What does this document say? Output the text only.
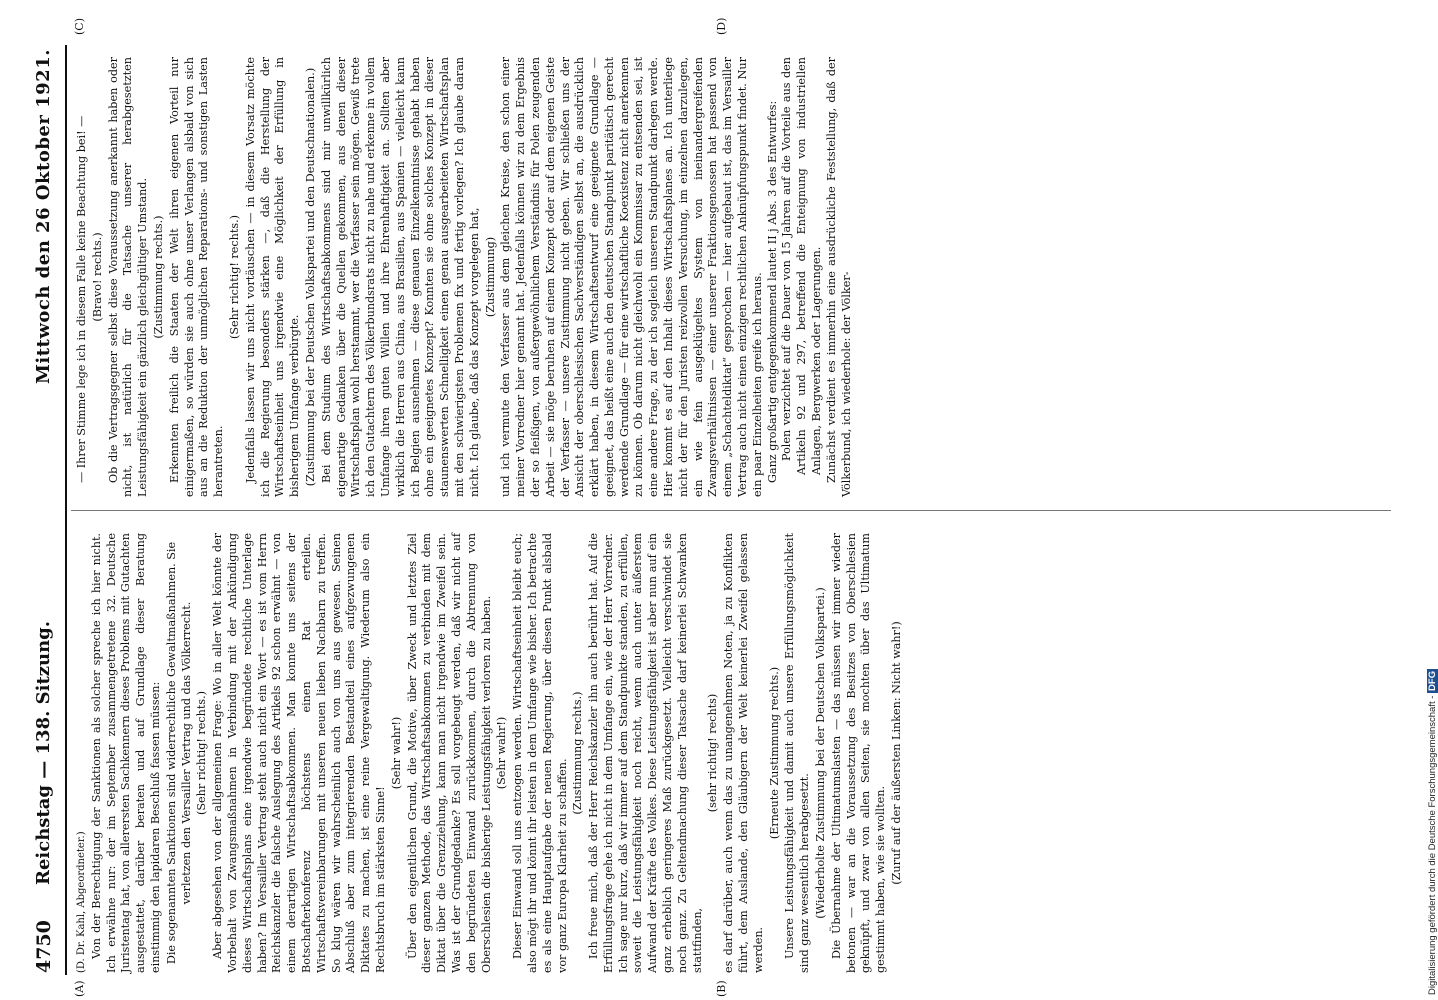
4750
Reichstag — 138. Sitzung.
Mittwoch den 26 Oktober 1921.
(A)	(B)
(C)	(D)

(D. Dr. Kahl, Abgeordneter.) Von der Berechtigung der Sanktionen als solcher spreche ich hier nicht. Ich erwähne nur: der im September zusammengetretene 32. Deutsche Juristentag hat, von allerersten Sachkennern dieses Problems mit Gutachten ausgestattet, darüber beraten und auf Grundlage dieser Beratung einstimmig den lapidaren Beschluß fassen müssen: Die sogenannten Sanktionen sind widerrechtliche Gewaltmaßnahmen. Sie verletzen den Versailler Vertrag und das Völkerrecht. (Sehr richtig! rechts.) Aber abgesehen von der allgemeinen Frage: Wo in aller Welt könnte der Vorbehalt von Zwangsmaßnahmen in Verbindung mit der Ankündigung dieses Wirtschaftsplans eine irgendwie begründete rechtliche Unterlage haben? Im Versailler Vertrag steht auch nicht ein Wort — es ist vom Herrn Reichskanzler die falsche Auslegung des Artikels 92 schon erwähnt — von einem derartigen Wirtschaftsabkommen. Man konnte uns seitens der Botschafterkonferenz höchstens einen Rat erteilen. Wirtschaftsvereinbarungen mit unseren neuen lieben Nachbarn zu treffen. So klug wären wir wahrscheinlich auch von uns aus gewesen. Seinen Abschluß aber zum integrierenden Bestandteil eines aufgezwungenen Diktates zu machen, ist eine reine Vergewaltigung. Wiederum also ein Rechtsbruch im stärksten Sinne!

(Sehr wahr!) Über den eigentlichen Grund, die Motive, über Zweck und letztes Ziel dieser ganzen Methode, das Wirtschaftsabkommen zu verbinden mit dem Diktat über die Grenzziehung, kann man nicht irgendwie im Zweifel sein. Was ist der Grundgedanke? Es soll vorgebeugt werden, daß wir nicht auf den begründeten Einwand zurückkommen, durch die Abtrennung von Oberschlesien die bisherige Leistungsfähigkeit verloren zu haben. (Sehr wahr!) Dieser Einwand soll uns entzogen werden. Wirtschaftseinheit bleibt euch; also mögt ihr und könnt ihr leisten in dem Umfange wie bisher. Ich betrachte es als eine Hauptaufgabe der neuen Regierung, über diesen Punkt alsbald vor ganz Europa Klarheit zu schaffen.

(Zustimmung rechts.) Ich freue mich, daß der Herr Reichskanzler ihn auch berührt hat. Auf die Erfüllungsfrage gehe ich nicht in dem Umfange ein, wie der Herr Vorredner. Ich sage nur kurz, daß wir immer auf dem Standpunkte standen, zu erfüllen, soweit die Leistungsfähigkeit noch reicht, wenn auch unter äußerstem Aufwand der Kräfte des Volkes. Diese Leistungsfähigkeit ist aber nun auf ein ganz erheblich geringeres Maß zurückgesetzt. Vielleicht verschwindet sie noch ganz. Zu Geltendmachung dieser Tatsache darf keinerlei Schwanken stattfinden,

(sehr richtig! rechts) es darf darüber, auch wenn das zu unangenehmen Noten, ja zu Konflikten führt, dem Auslande, den Gläubigern der Welt keinerlei Zweifel gelassen werden.

(Erneute Zustimmung rechts.) Unsere Leistungsfähigkeit und damit auch unsere Erfüllungsmöglichkeit sind ganz wesentlich herabgesetzt. (Wiederholte Zustimmung bei der Deutschen Volkspartei.) Die Übernahme der Ultimatumslasten — das müssen wir immer wieder betonen — war an die Voraussetzung des Besitzes von Oberschlesien geknüpft, und zwar von allen Seiten, sie mochten über das Ultimatum gestimmt haben, wie sie wollten. (Zuruf auf der äußersten Linken: Nicht wahr!)

— Ihrer Stimme lege ich in diesem Falle keine Beachtung bei! — (Bravo! rechts.) Ob die Vertragsgegner selbst diese Voraussetzung anerkannt haben oder nicht, ist natürlich für die Tatsache unserer herabgesetzten Leistungsfähigkeit ein gänzlich gleichgültiger Umstand. (Zustimmung rechts.) Erkennten freilich die Staaten der Welt ihren eigenen Vorteil nur einigermaßen, so würden sie auch ohne unser Verlangen alsbald von sich aus an die Reduktion der unmöglichen Reparations- und sonstigen Lasten herantreten.

(Sehr richtig! rechts.) Jedenfalls lassen wir uns nicht vortäuschen — in diesem Vorsatz möchte ich die Regierung besonders stärken —, daß die Herstellung der Wirtschaftseinheit uns irgendwie eine Möglichkeit der Erfüllung in bisherigem Umfange verbürgte. (Zustimmung bei der Deutschen Volkspartei und den Deutschnationalen.) Bei dem Studium des Wirtschaftsabkommens sind mir unwillkürlich eigenartige Gedanken über die Quellen gekommen, aus denen dieser Wirtschaftsplan wohl herstammt, wer die Verfasser sein mögen. Gewiß trete ich den Gutachtern des Völkerbundsrats nicht zu nahe und erkenne in vollem Umfange ihren guten Willen und ihre Ehrenhaftigkeit an. Sollten aber wirklich die Herren aus China, aus Brasilien, aus Spanien — vielleicht kann ich Belgien ausnehmen — diese genauen Einzelkenntnisse gehabt haben ohne ein geeignetes Konzept? Konnten sie ohne solches Konzept in dieser staunenswerten Schnelligkeit einen genau ausgearbeiteten Wirtschaftsplan mit den schwierigsten Problemen fix und fertig vorlegen? Ich glaube daran nicht. Ich glaube, daß das Konzept vorgelegen hat, (Zustimmung) und ich vermute den Verfasser aus dem gleichen Kreise, den schon einer meiner Vorredner hier genannt hat. Jedenfalls können wir zu dem Ergebnis der so fleißigen, von außergewöhnlichem Verständnis für Polen zeugenden Arbeit — sie möge beruhen auf einem Konzept oder auf dem eigenen Geiste der Verfasser — unsere Zustimmung nicht geben. Wir schließen uns der Ansicht der oberschlesischen Sachverständigen selbst an, die ausdrücklich erklärt haben, in diesem Wirtschaftsentwurf eine geeignete Grundlage — geeignet, das heißt eine auch den deutschen Standpunkt paritätisch gerecht werdende Grundlage — für eine wirtschaftliche Koexistenz nicht anerkennen zu können. Ob darum nicht gleichwohl ein Kommissar zu entsenden sei, ist eine andere Frage, zu der ich sogleich unseren Standpunkt darlegen werde. Hier kommt es auf den Inhalt dieses Wirtschaftsplanes an. Ich unterliege nicht der für den Juristen reizvollen Versuchung, im einzelnen darzulegen, ein wie fein ausgeklügeltes System von ineinandergreifenden Zwangsverhältnissen — einer unserer Fraktionsgenossen hat passend von einem „Schachteldiktat“ gesprochen — hier aufgebaut ist, das im Versailler Vertrag auch nicht einen einzigen rechtlichen Anknüpfungspunkt findet. Nur ein paar Einzelheiten greife ich heraus. Ganz großartig entgegenkommend lautet II j Abs. 3 des Entwurfes: Polen verzichtet auf die Dauer von 15 Jahren auf die Vorteile aus den Artikeln 92 und 297, betreffend die Enteignung von industriellen Anlagen, Bergwerken oder Lagerungen. Zunächst verdient es immerhin eine ausdrückliche Feststellung, daß der Völkerbund, ich wiederhole: der Völker-

Digitalisierung gefördert durch die Deutsche Forschungsgemeinschaft - DFG
